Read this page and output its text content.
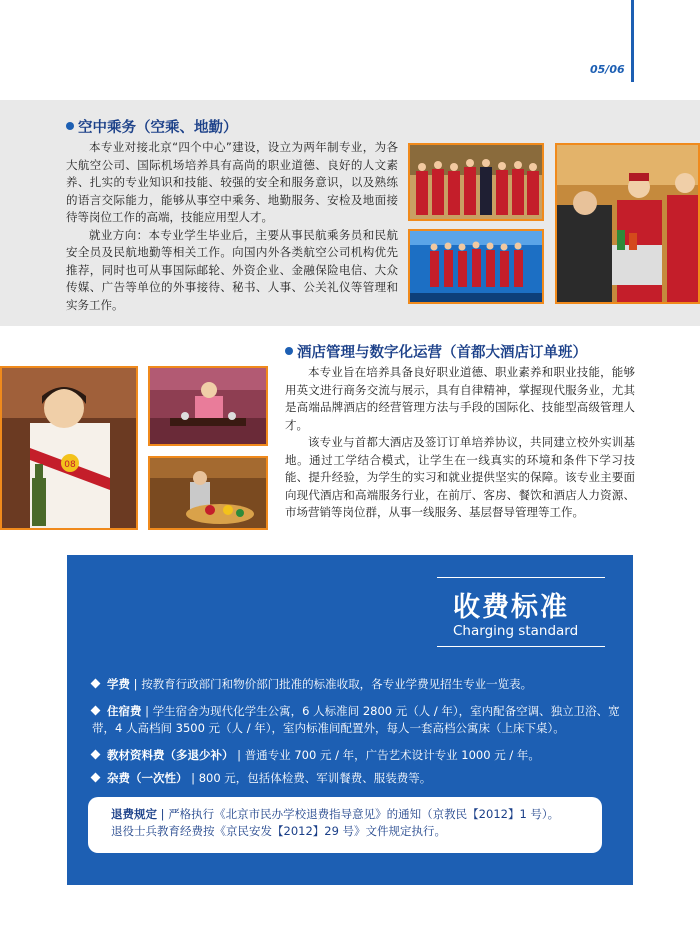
05/06
空中乘务（空乘、地勤）

本专业对接北京“四个中心”建设，设立为两年制专业，为各大航空公司、国际机场培养具有高尚的职业道德、良好的人文素养、扎实的专业知识和技能、较强的安全和服务意识，以及熟练的语言交际能力，能够从事空中乘务、地勤服务、安检及地面接待等岗位工作的高端，技能应用型人才。

就业方向：本专业学生毕业后，主要从事民航乘务员和民航安全员及民航地勤等相关工作。向国内外各类航空公司机构优先推荐，同时也可从事国际邮轮、外资企业、金融保险电信、大众传媒、广告等单位的外事接待、秘书、人事、公关礼仪等管理和实务工作。

酒店管理与数字化运营（首都大酒店订单班）

本专业旨在培养具备良好职业道德、职业素养和职业技能，能够用英文进行商务交流与展示，具有自律精神，掌握现代服务业，尤其是高端品牌酒店的经营管理方法与手段的国际化、技能型高级管理人才。

该专业与首都大酒店及签订订单培养协议，共同建立校外实训基地。通过工学结合模式，让学生在一线真实的环境和条件下学习技能、提升经验，为学生的实习和就业提供坚实的保障。该专业主要面向现代酒店和高端服务行业，在前厅、客房、餐饮和酒店人力资源、市场营销等岗位群，从事一线服务、基层督导管理等工作。

08
收费标准
Charging standard
学费 | 按教育行政部门和物价部门批准的标准收取，各专业学费见招生专业一览表。
住宿费 | 学生宿舍为现代化学生公寓，6 人标准间 2800 元（人 / 年），室内配备空调、独立卫浴、宽带，4 人高档间 3500 元（人 / 年），室内标准间配置外，每人一套高档公寓床（上床下桌）。
教材资料费（多退少补） | 普通专业 700 元 / 年，广告艺术设计专业 1000 元 / 年。
杂费（一次性） | 800 元，包括体检费、军训餐费、服装费等。
退费规定 | 严格执行《北京市民办学校退费指导意见》的通知（京教民【2012】1 号）。
退役士兵教育经费按《京民安发【2012】29 号》文件规定执行。
